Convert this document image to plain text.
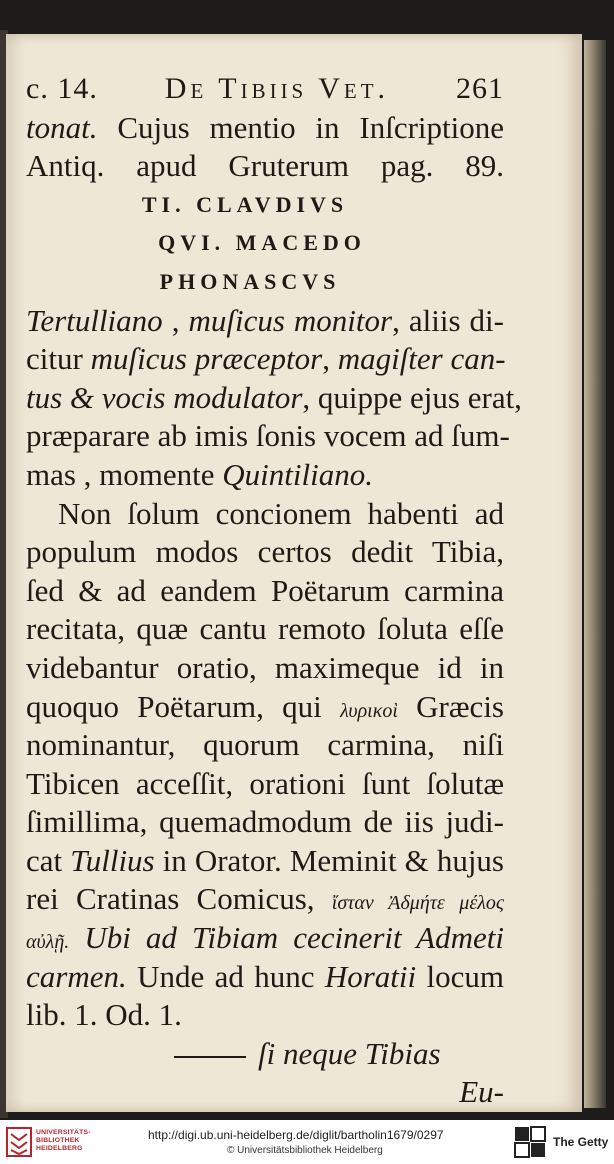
c. 14. De Tibiis Vet. 261
tonat. Cujus mentio in Inſcriptione
Antiq. apud Gruterum pag. 89.
TI. CLAVDIVS
QVI. MACEDO
PHONASCVS
Tertulliano , muſicus monitor, aliis di-
citur muſicus præceptor, magiſter can-
tus & vocis modulator, quippe ejus erat,
præparare ab imis ſonis vocem ad ſum-
mas , momente Quintiliano.
Non ſolum concionem habenti ad
populum modos certos dedit Tibia,
ſed & ad eandem Poëtarum carmina
recitata, quæ cantu remoto ſoluta eſſe
videbantur oratio, maximeque id in
quoquo Poëtarum, qui λυρικοὶ Græcis
nominantur, quorum carmina, niſi
Tibicen acceſſit, orationi ſunt ſolutæ
ſimillima, quemadmodum de iis judi-
cat Tullius in Orator. Meminit & hujus
rei Cratinas Comicus, ἴσταν Ἀδμήτε μέλος
αὐλῇ. Ubi ad Tibiam cecinerit Admeti
carmen. Unde ad hunc Horatii locum
lib. 1. Od. 1.
ſi neque Tibias
Eu-
UNIVERSITÄTS-
BIBLIOTHEK
HEIDELBERG
http://digi.ub.uni-heidelberg.de/diglit/bartholin1679/0297
© Universitätsbibliothek Heidelberg
The Getty
